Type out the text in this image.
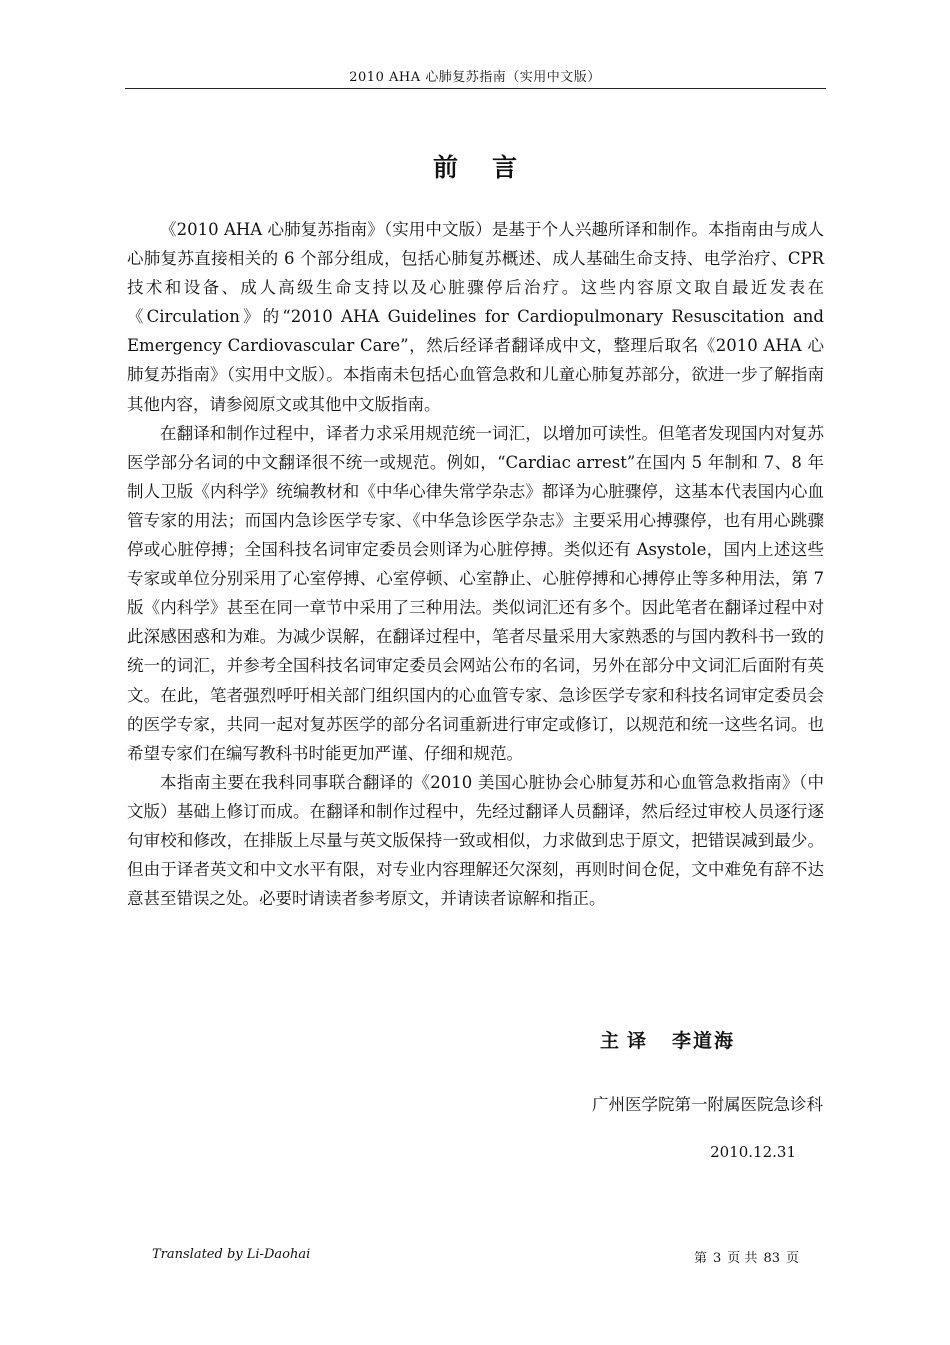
2010 AHA 心肺复苏指南（实用中文版）
前言

《2010 AHA 心肺复苏指南》（实用中文版）是基于个人兴趣所译和制作。本指南由与成人心肺复苏直接相关的 6 个部分组成，包括心肺复苏概述、成人基础生命支持、电学治疗、CPR 技术和设备、成人高级生命支持以及心脏骤停后治疗。这些内容原文取自最近发表在《Circulation》的“2010 AHA Guidelines for Cardiopulmonary Resuscitation and Emergency Cardiovascular Care”，然后经译者翻译成中文，整理后取名《2010 AHA 心肺复苏指南》（实用中文版）。本指南未包括心血管急救和儿童心肺复苏部分，欲进一步了解指南其他内容，请参阅原文或其他中文版指南。

在翻译和制作过程中，译者力求采用规范统一词汇，以增加可读性。但笔者发现国内对复苏医学部分名词的中文翻译很不统一或规范。例如，“Cardiac arrest”在国内 5 年制和 7、8 年制人卫版《内科学》统编教材和《中华心律失常学杂志》都译为心脏骤停，这基本代表国内心血管专家的用法；而国内急诊医学专家、《中华急诊医学杂志》主要采用心搏骤停，也有用心跳骤停或心脏停搏；全国科技名词审定委员会则译为心脏停搏。类似还有 Asystole，国内上述这些专家或单位分别采用了心室停搏、心室停顿、心室静止、心脏停搏和心搏停止等多种用法，第 7 版《内科学》甚至在同一章节中采用了三种用法。类似词汇还有多个。因此笔者在翻译过程中对此深感困惑和为难。为减少误解，在翻译过程中，笔者尽量采用大家熟悉的与国内教科书一致的统一的词汇，并参考全国科技名词审定委员会网站公布的名词，另外在部分中文词汇后面附有英文。在此，笔者强烈呼吁相关部门组织国内的心血管专家、急诊医学专家和科技名词审定委员会的医学专家，共同一起对复苏医学的部分名词重新进行审定或修订，以规范和统一这些名词。也希望专家们在编写教科书时能更加严谨、仔细和规范。

本指南主要在我科同事联合翻译的《2010 美国心脏协会心肺复苏和心血管急救指南》（中文版）基础上修订而成。在翻译和制作过程中，先经过翻译人员翻译，然后经过审校人员逐行逐句审校和修改，在排版上尽量与英文版保持一致或相似，力求做到忠于原文，把错误减到最少。但由于译者英文和中文水平有限，对专业内容理解还欠深刻，再则时间仓促，文中难免有辞不达意甚至错误之处。必要时请读者参考原文，并请读者谅解和指正。

主译 李道海
广州医学院第一附属医院急诊科
2010.12.31
Translated by Li-Daohai	第 3 页 共 83 页
